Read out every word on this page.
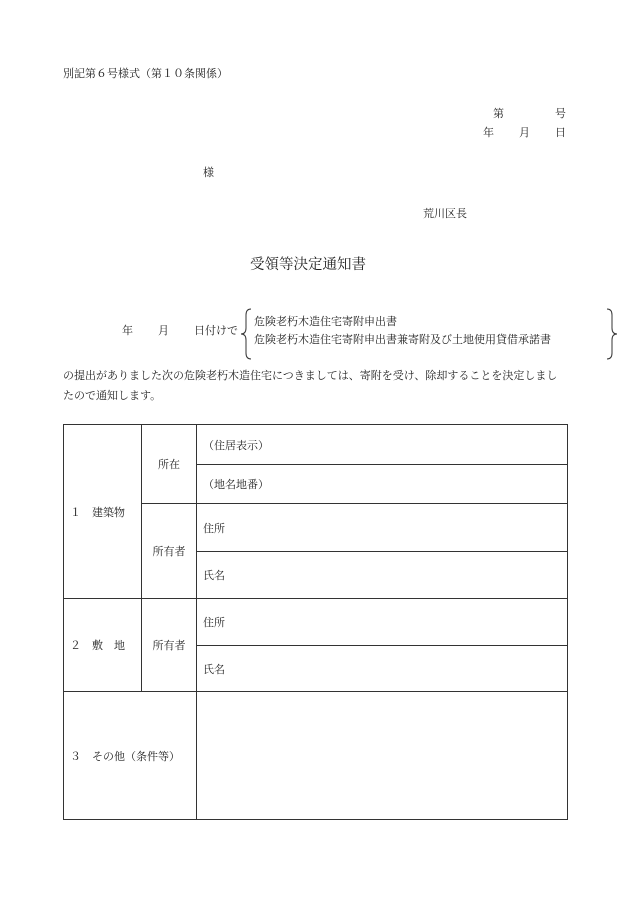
別記第６号様式（第１０条関係）
第	号
年 月 日
様
荒川区長
受領等決定通知書
年 月 日付けで
危険老朽木造住宅寄附申出書
危険老朽木造住宅寄附申出書兼寄附及び土地使用貸借承諾書
の提出がありました次の危険老朽木造住宅につきましては、寄附を受け、除却することを決定しましたので通知します。
１　建築物	所在	（住居表示）
		（地名地番）
	所有者	住所
		氏名
２　敷　地	所有者	住所
		氏名
３　その他（条件等）		
